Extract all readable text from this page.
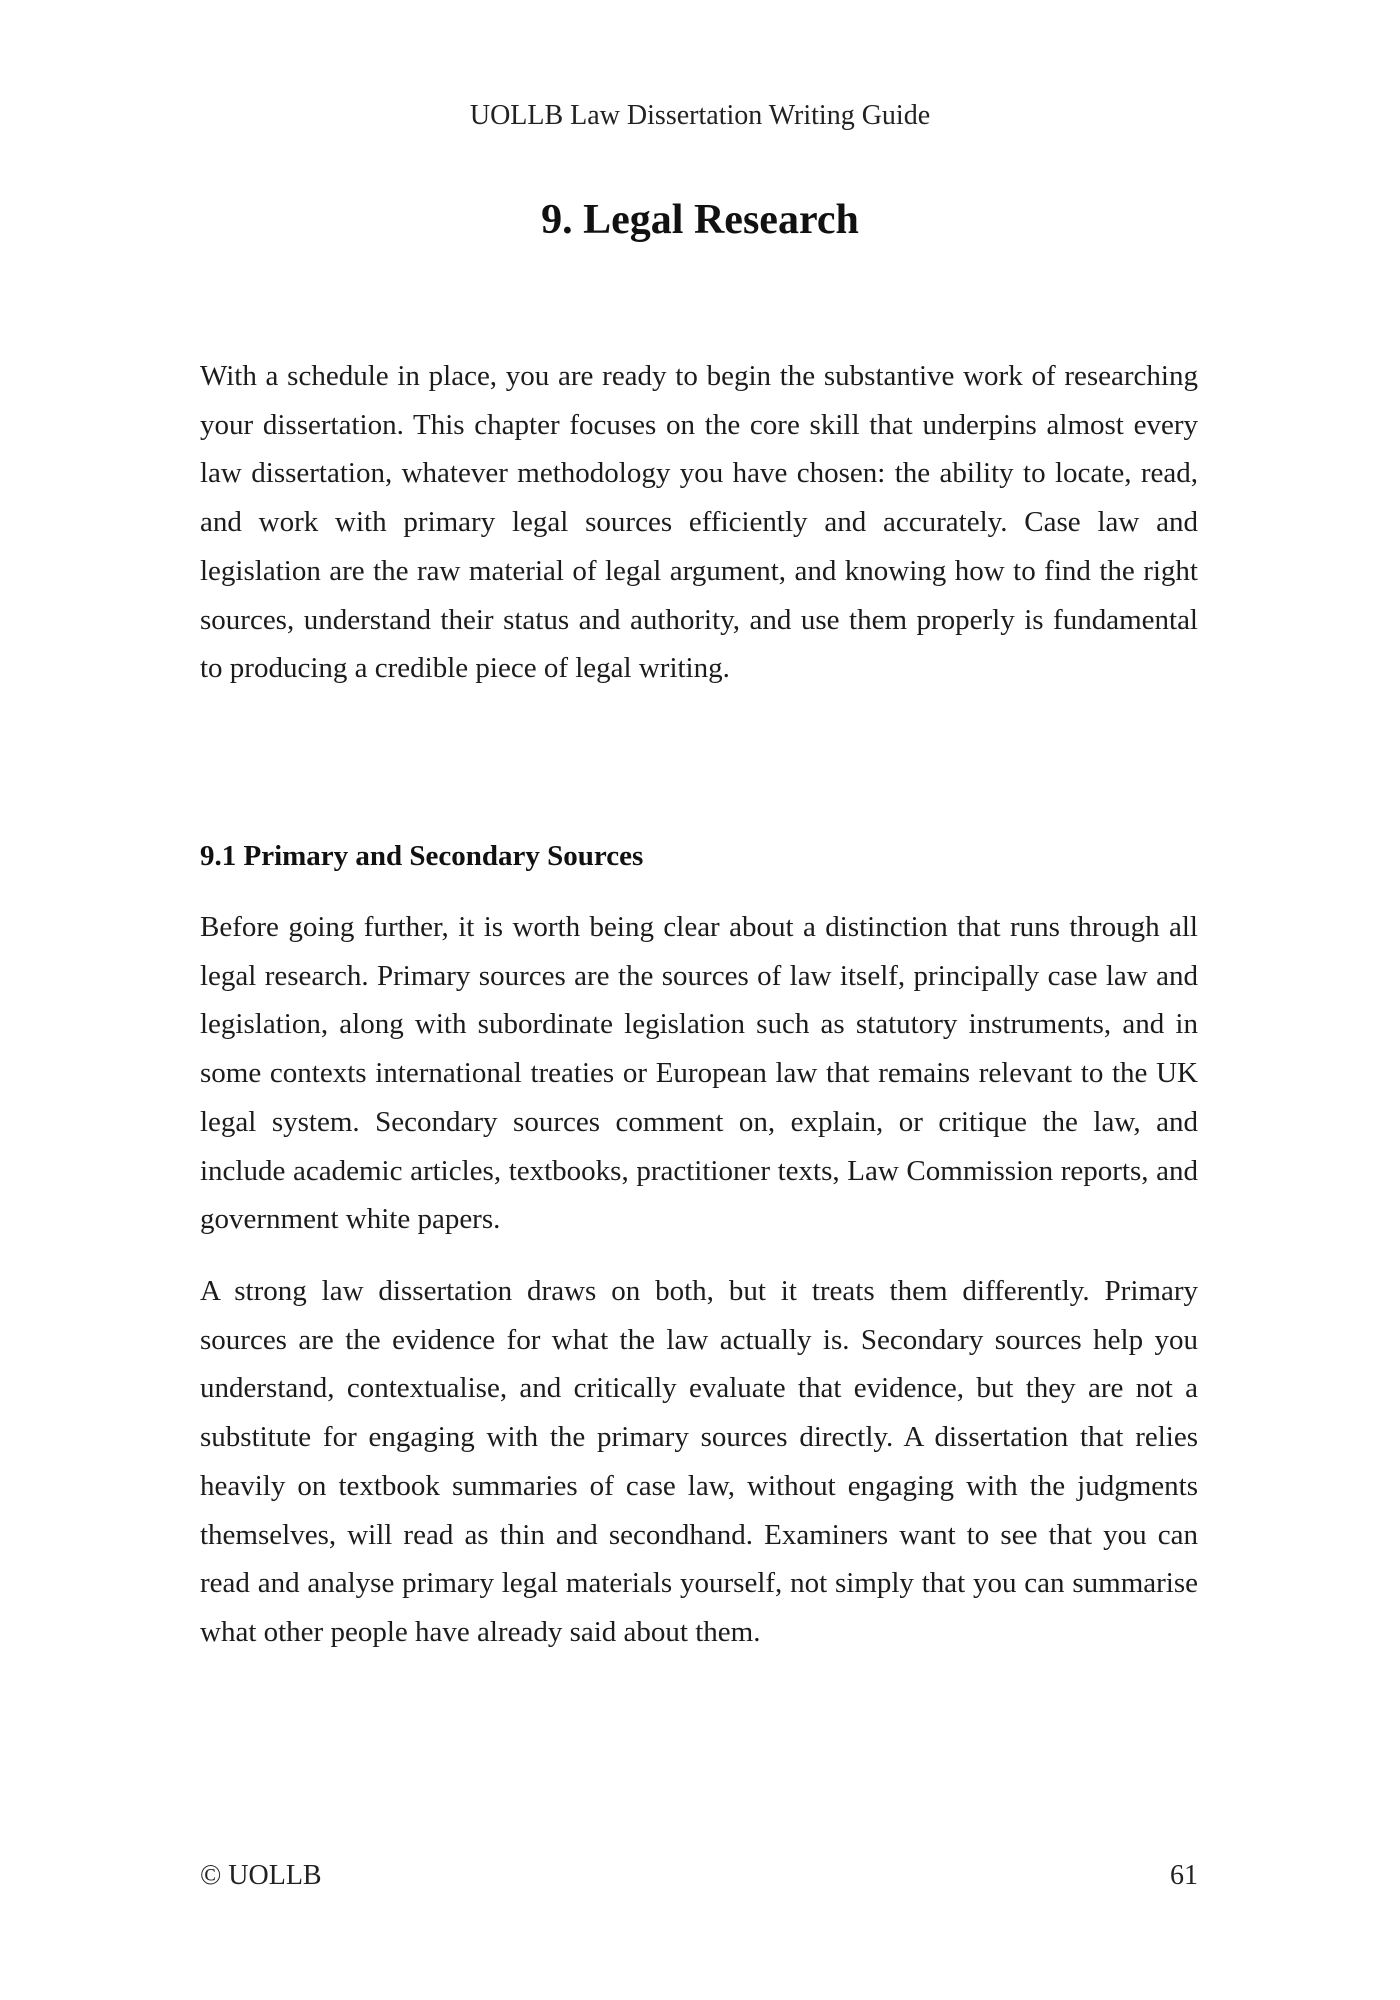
UOLLB Law Dissertation Writing Guide
9. Legal Research

With a schedule in place, you are ready to begin the substantive work of researching your dissertation. This chapter focuses on the core skill that underpins almost every law dissertation, whatever methodology you have chosen: the ability to locate, read, and work with primary legal sources efficiently and accurately. Case law and legislation are the raw material of legal argument, and knowing how to find the right sources, understand their status and authority, and use them properly is fundamental to producing a credible piece of legal writing.

9.1 Primary and Secondary Sources

Before going further, it is worth being clear about a distinction that runs through all legal research. Primary sources are the sources of law itself, principally case law and legislation, along with subordinate legislation such as statutory instruments, and in some contexts international treaties or European law that remains relevant to the UK legal system. Secondary sources comment on, explain, or critique the law, and include academic articles, textbooks, practitioner texts, Law Commission reports, and government white papers.

A strong law dissertation draws on both, but it treats them differently. Primary sources are the evidence for what the law actually is. Secondary sources help you understand, contextualise, and critically evaluate that evidence, but they are not a substitute for engaging with the primary sources directly. A dissertation that relies heavily on textbook summaries of case law, without engaging with the judgments themselves, will read as thin and secondhand. Examiners want to see that you can read and analyse primary legal materials yourself, not simply that you can summarise what other people have already said about them.

© UOLLB	61
